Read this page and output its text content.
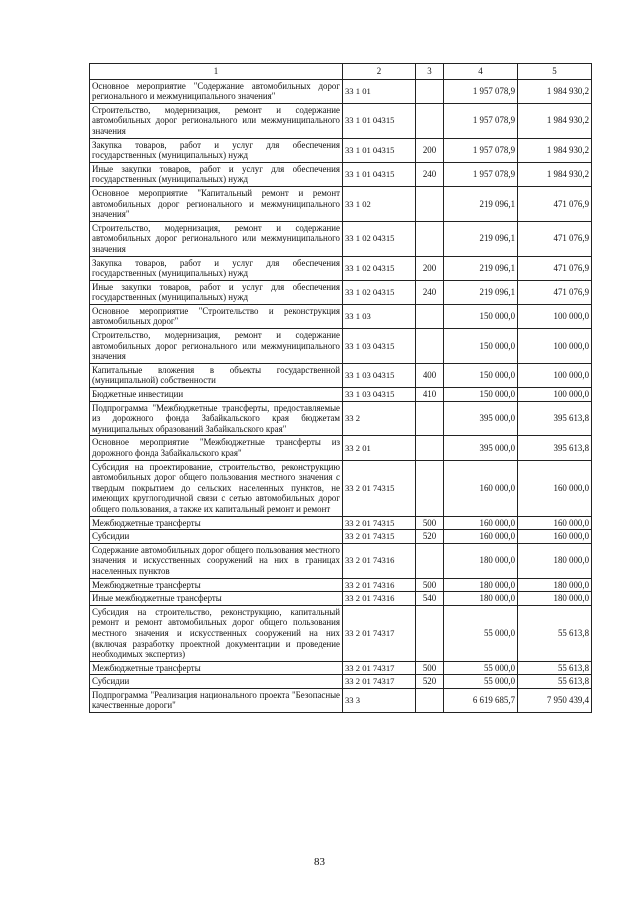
1	2	3	4	5
Основное мероприятие "Содержание автомобильных дорог регионального и межмуниципального значения"	33 1 01		1 957 078,9	1 984 930,2
Строительство, модернизация, ремонт и содержание автомобильных дорог регионального или межмуниципального значения	33 1 01 04315		1 957 078,9	1 984 930,2
Закупка товаров, работ и услуг для обеспечения государственных (муниципальных) нужд	33 1 01 04315	200	1 957 078,9	1 984 930,2
Иные закупки товаров, работ и услуг для обеспечения государственных (муниципальных) нужд	33 1 01 04315	240	1 957 078,9	1 984 930,2
Основное мероприятие "Капитальный ремонт и ремонт автомобильных дорог регионального и межмуниципального значения"	33 1 02		219 096,1	471 076,9
Строительство, модернизация, ремонт и содержание автомобильных дорог регионального или межмуниципального значения	33 1 02 04315		219 096,1	471 076,9
Закупка товаров, работ и услуг для обеспечения государственных (муниципальных) нужд	33 1 02 04315	200	219 096,1	471 076,9
Иные закупки товаров, работ и услуг для обеспечения государственных (муниципальных) нужд	33 1 02 04315	240	219 096,1	471 076,9
Основное мероприятие "Строительство и реконструкция автомобильных дорог"	33 1 03		150 000,0	100 000,0
Строительство, модернизация, ремонт и содержание автомобильных дорог регионального или межмуниципального значения	33 1 03 04315		150 000,0	100 000,0
Капитальные вложения в объекты государственной (муниципальной) собственности	33 1 03 04315	400	150 000,0	100 000,0
Бюджетные инвестиции	33 1 03 04315	410	150 000,0	100 000,0
Подпрограмма "Межбюджетные трансферты, предоставляемые из дорожного фонда Забайкальского края бюджетам муниципальных образований Забайкальского края"	33 2		395 000,0	395 613,8
Основное мероприятие "Межбюджетные трансферты из дорожного фонда Забайкальского края"	33 2 01		395 000,0	395 613,8
Субсидия на проектирование, строительство, реконструкцию автомобильных дорог общего пользования местного значения с твердым покрытием до сельских населенных пунктов, не имеющих круглогодичной связи с сетью автомобильных дорог общего пользования, а также их капитальный ремонт и ремонт	33 2 01 74315		160 000,0	160 000,0
Межбюджетные трансферты	33 2 01 74315	500	160 000,0	160 000,0
Субсидии	33 2 01 74315	520	160 000,0	160 000,0
Содержание автомобильных дорог общего пользования местного значения и искусственных сооружений на них в границах населенных пунктов	33 2 01 74316		180 000,0	180 000,0
Межбюджетные трансферты	33 2 01 74316	500	180 000,0	180 000,0
Иные межбюджетные трансферты	33 2 01 74316	540	180 000,0	180 000,0
Субсидия на строительство, реконструкцию, капитальный ремонт и ремонт автомобильных дорог общего пользования местного значения и искусственных сооружений на них (включая разработку проектной документации и проведение необходимых экспертиз)	33 2 01 74317		55 000,0	55 613,8
Межбюджетные трансферты	33 2 01 74317	500	55 000,0	55 613,8
Субсидии	33 2 01 74317	520	55 000,0	55 613,8
Подпрограмма "Реализация национального проекта "Безопасные качественные дороги"	33 3		6 619 685,7	7 950 439,4
83
